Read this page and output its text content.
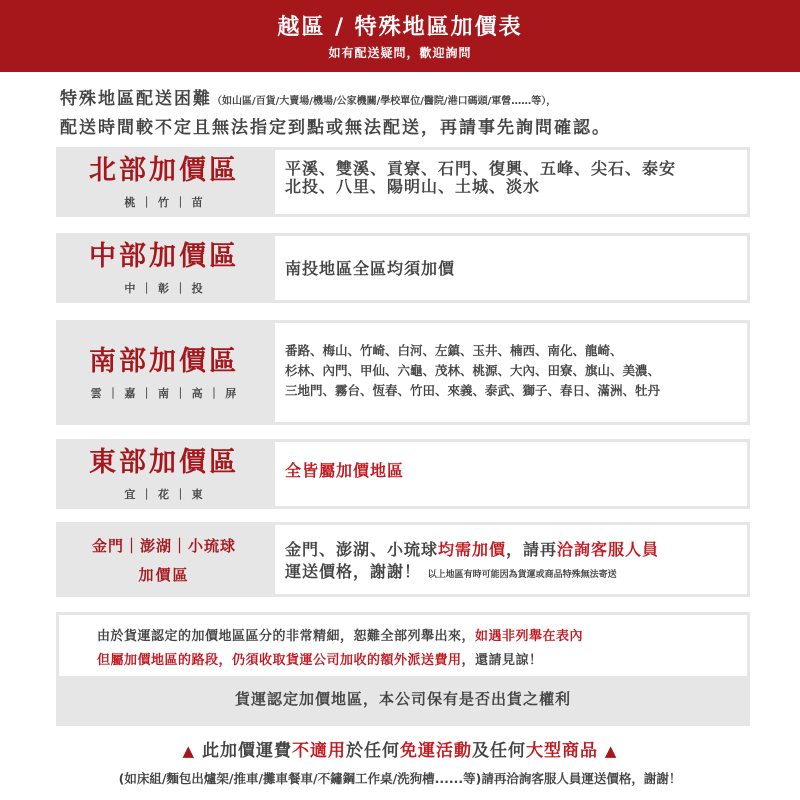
越區 / 特殊地區加價表
如有配送疑問，歡迎詢問
特殊地區配送困難（如山區/百貨/大賣場/機場/公家機關/學校單位/醫院/港口碼頭/軍營……等），
配送時間較不定且無法指定到點或無法配送，再請事先詢問確認。
北部加價區
桃 ｜ 竹 ｜ 苗
平溪、雙溪、貢寮、石門、復興、五峰、尖石、泰安
北投、八里、陽明山、土城、淡水
中部加價區
中 ｜ 彰 ｜ 投
南投地區全區均須加價
南部加價區
雲 ｜ 嘉 ｜ 南 ｜ 高 ｜ 屏
番路、梅山、竹崎、白河、左鎮、玉井、楠西、南化、龍崎、
杉林、內門、甲仙、六龜、茂林、桃源、大內、田寮、旗山、美濃、
三地門、霧台、恆春、竹田、來義、泰武、獅子、春日、滿洲、牡丹
東部加價區
宜 ｜ 花 ｜ 東
全皆屬加價地區
金門｜澎湖｜小琉球
加價區
金門、澎湖、小琉球均需加價，請再洽詢客服人員
運送價格，謝謝！ 以上地區有時可能因為貨運或商品特殊無法寄送
由於貨運認定的加價地區區分的非常精細，恕難全部列舉出來，如遇非列舉在表內
但屬加價地區的路段，仍須收取貨運公司加收的額外派送費用，還請見諒！
貨運認定加價地區，本公司保有是否出貨之權利
▲ 此加價運費不適用於任何免運活動及任何大型商品 ▲
(如床組/麵包出爐架/推車/攤車餐車/不鏽鋼工作桌/洗狗槽......等)請再洽詢客服人員運送價格，謝謝！
